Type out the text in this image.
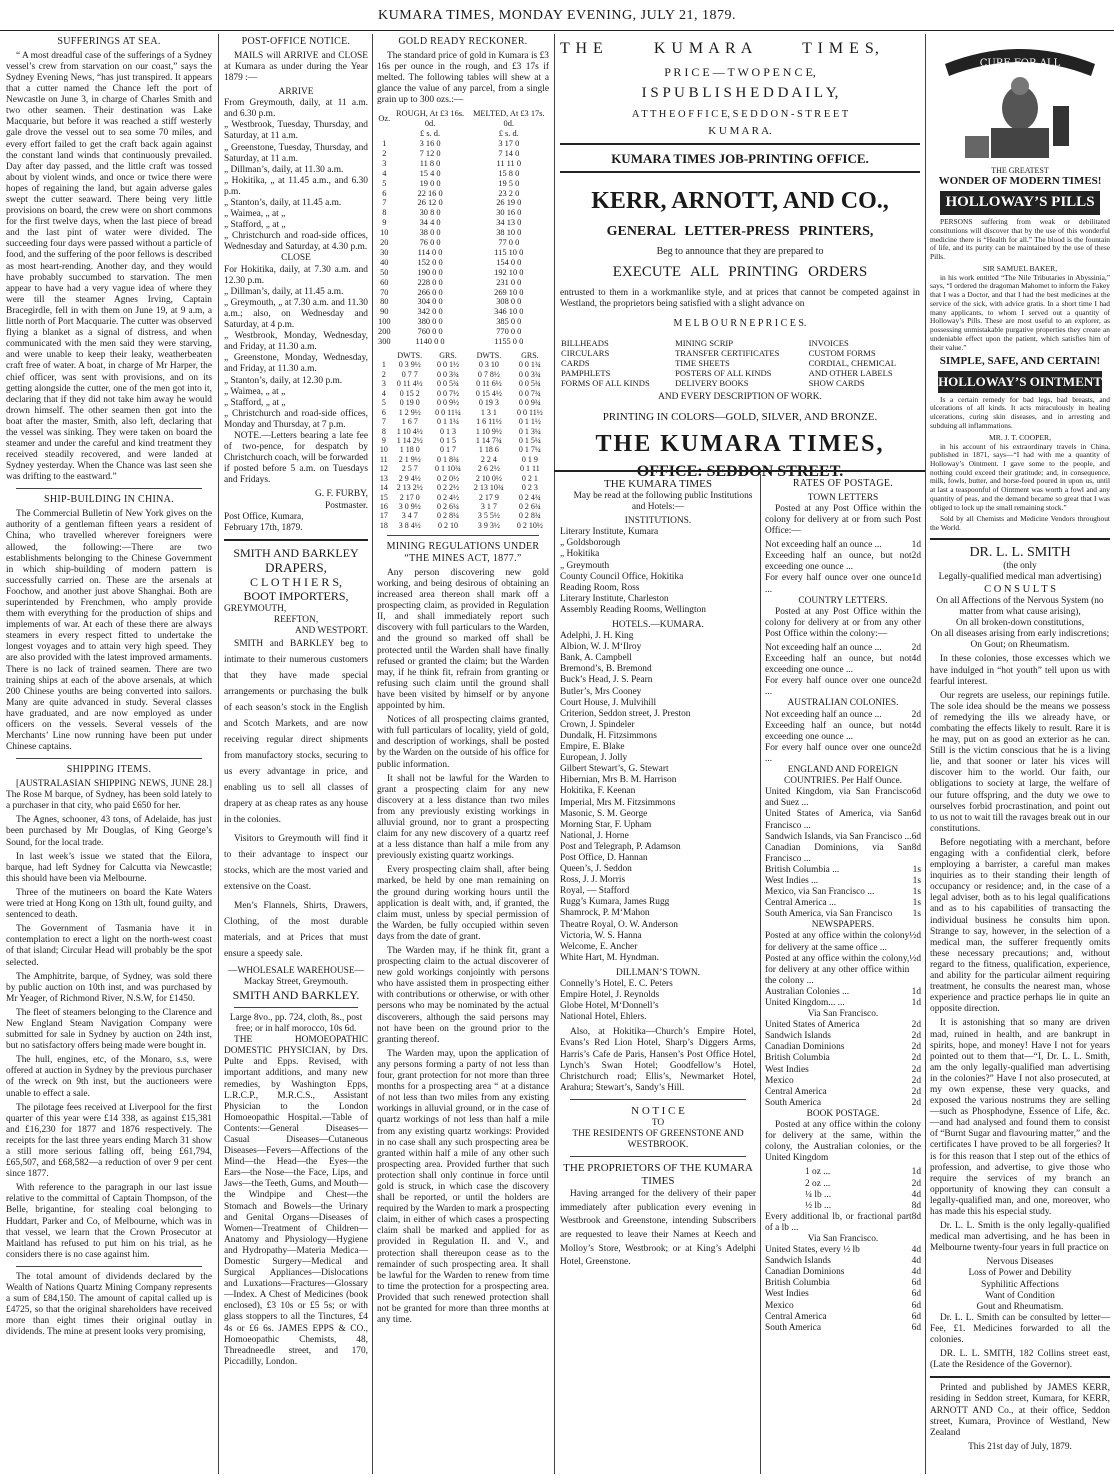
KUMARA TIMES, MONDAY EVENING, JULY 21, 1879.
SUFFERINGS AT SEA.

“ A most dreadful case of the sufferings of a Sydney vessel’s crew from starvation on our coast,” says the Sydney Evening News, “has just transpired. It appears that a cutter named the Chance left the port of Newcastle on June 3, in charge of Charles Smith and two other seamen. Their destination was Lake Macquarie, but before it was reached a stiff westerly gale drove the vessel out to sea some 70 miles, and every effort failed to get the craft back again against the constant land winds that continuously prevailed. Day after day passed, and the little craft was tossed about by violent winds, and once or twice there were hopes of regaining the land, but again adverse gales swept the cutter seaward. There being very little provisions on board, the crew were on short commons for the first twelve days, when the last piece of bread and the last pint of water were divided. The succeeding four days were passed without a particle of food, and the suffering of the poor fellows is described as most heart-rending. Another day, and they would have probably succumbed to starvation. The men appear to have had a very vague idea of where they were till the steamer Agnes Irving, Captain Bracegirdle, fell in with them on June 19, at 9 a.m, a little north of Port Macquarie. The cutter was observed flying a blanket as a signal of distress, and when communicated with the men said they were starving, and were unable to keep their leaky, weatherbeaten craft free of water. A boat, in charge of Mr Harper, the chief officer, was sent with provisions, and on its getting alongside the cutter, one of the men got into it, declaring that if they did not take him away he would drown himself. The other seamen then got into the boat after the master, Smith, also left, declaring that the vessel was sinking. They were taken on board the steamer and under the careful and kind treatment they received steadily recovered, and were landed at Sydney yesterday. When the Chance was last seen she was drifting to the eastward.”

SHIP-BUILDING IN CHINA.

The Commercial Bulletin of New York gives on the authority of a gentleman fifteen years a resident of China, who travelled wherever foreigners were allowed, the following:—There are two establishments belonging to the Chinese Government in which ship-building of modern pattern is successfully carried on. These are the arsenals at Foochow, and another just above Shanghai. Both are superintended by Frenchmen, who amply provide them with everything for the production of ships and implements of war. At each of these there are always steamers in every respect fitted to undertake the longest voyages and to attain very high speed. They are also provided with the latest improved armaments. There is no lack of trained seamen. There are two training ships at each of the above arsenals, at which 200 Chinese youths are being converted into sailors. Many are quite advanced in study. Several classes have graduated, and are now employed as under officers on the vessels. Several vessels of the Merchants’ Line now running have been put under Chinese captains.

SHIPPING ITEMS.

[AUSTRALASIAN SHIPPING NEWS, JUNE 28.] The Rose M barque, of Sydney, has been sold lately to a purchaser in that city, who paid £650 for her.

The Agnes, schooner, 43 tons, of Adelaide, has just been purchased by Mr Douglas, of King George’s Sound, for the local trade.

In last week’s issue we stated that the Eilora, barque, had left Sydney for Calcutta via Newcastle; this should have been via Melbourne.

Three of the mutineers on board the Kate Waters were tried at Hong Kong on 13th ult, found guilty, and sentenced to death.

The Government of Tasmania have it in contemplation to erect a light on the north-west coast of that island; Circular Head will probably be the spot selected.

The Amphitrite, barque, of Sydney, was sold there by public auction on 10th inst, and was purchased by Mr Yeager, of Richmond River, N.S.W, for £1450.

The fleet of steamers belonging to the Clarence and New England Steam Navigation Company were submitted for sale in Sydney by auction on 24th inst, but no satisfactory offers being made were bought in.

The hull, engines, etc, of the Monaro, s.s, were offered at auction in Sydney by the previous purchaser of the wreck on 9th inst, but the auctioneers were unable to effect a sale.

The pilotage fees received at Liverpool for the first quarter of this year were £14 338, as against £15,381 and £16,230 for 1877 and 1876 respectively. The receipts for the last three years ending March 31 show a still more serious falling off, being £61,794, £65,507, and £68,582—a reduction of over 9 per cent since 1877.

With reference to the paragraph in our last issue relative to the committal of Captain Thompson, of the Belle, brigantine, for stealing coal belonging to Huddart, Parker and Co, of Melbourne, which was in that vessel, we learn that the Crown Prosecutor at Maitland has refused to put him on his trial, as he considers there is no case against him.

The total amount of dividends declared by the Wealth of Nations Quartz Mining Company represents a sum of £84,150. The amount of capital called up is £4725, so that the original shareholders have received more than eight times their original outlay in dividends. The mine at present looks very promising,

POST-OFFICE NOTICE.

MAILS will ARRIVE and CLOSE at Kumara as under during the Year 1879 :—

ARRIVE
From Greymouth, daily, at 11 a.m. and 6.30 p.m.
„ Westbrook, Tuesday, Thursday, and Saturday, at 11 a.m.
„ Greenstone, Tuesday, Thursday, and Saturday, at 11 a.m.
„ Dillman’s, daily, at 11.30 a.m.
„ Hokitika, „ at 11.45 a.m., and 6.30 p.m.
„ Stanton’s, daily, at 11.45 a.m.
„ Waimea, „ at „
„ Stafford, „ at „
„ Christchurch and road-side offices, Wednesday and Saturday, at 4.30 p.m.
CLOSE
For Hokitika, daily, at 7.30 a.m. and 12.30 p.m.
„ Dillman’s, daily, at 11.45 a.m.
„ Greymouth, „ at 7.30 a.m. and 11.30 a.m.; also, on Wednesday and Saturday, at 4 p.m.
„ Westbrook, Monday, Wednesday, and Friday, at 11.30 a.m.
„ Greenstone, Monday, Wednesday, and Friday, at 11.30 a.m.
„ Stanton’s, daily, at 12.30 p.m.
„ Waimea, „ at „
„ Stafford, „ at „
„ Christchurch and road-side offices, Monday and Thursday, at 7 p.m.

NOTE.—Letters bearing a late fee of two-pence, for despatch by Christchurch coach, will be forwarded if posted before 5 a.m. on Tuesdays and Fridays.

G. F. FURBY,
Postmaster.
Post Office, Kumara,
February 17th, 1879.
SMITH AND BARKLEY
DRAPERS,
C L O T H I E R S,
BOOT IMPORTERS,
GREYMOUTH,
REEFTON,
AND WESTPORT.

SMITH and BARKLEY beg to intimate to their numerous customers that they have made special arrangements or purchasing the bulk of each season’s stock in the English and Scotch Markets, and are now receiving regular direct shipments from manufactory stocks, securing to us every advantage in price, and enabling us to sell all classes of drapery at as cheap rates as any house in the colonies.

Visitors to Greymouth will find it to their advantage to inspect our stocks, which are the most varied and extensive on the Coast.

Men’s Flannels, Shirts, Drawers, Clothing, of the most durable materials, and at Prices that must ensure a speedy sale.

—WHOLESALE WAREHOUSE—
Mackay Street, Greymouth.
SMITH AND BARKLEY.
Large 8vo., pp. 724, cloth, 8s., post free; or in half morocco, 10s 6d.

THE HOMOEOPATHIC DOMESTIC PHYSICIAN, by Drs. Pulte and Epps. Revised, with important additions, and many new remedies, by Washington Epps, L.R.C.P., M.R.C.S., Assistant Physician to the London Homoeopathic Hospital.—Table of Contents:—General Diseases—Casual Diseases—Cutaneous Diseases—Fevers—Affections of the Mind—the Head—the Eyes—the Ears—the Nose—the Face, Lips, and Jaws—the Teeth, Gums, and Mouth—the Windpipe and Chest—the Stomach and Bowels—the Urinary and Genital Organs—Diseases of Women—Treatment of Children—Anatomy and Physiology—Hygiene and Hydropathy—Materia Medica—Domestic Surgery—Medical and Surgical Appliances—Dislocations and Luxations—Fractures—Glossary—Index. A Chest of Medicines (book enclosed), £3 10s or £5 5s; or with glass stoppers to all the Tinctures, £4 4s or £6 6s. JAMES EPPS & CO., Homoeopathic Chemists, 48, Threadneedle street, and 170, Piccadilly, London.

GOLD READY RECKONER.

The standard price of gold in Kumara is £3 16s per ounce in the rough, and £3 17s if melted. The following tables will shew at a glance the value of any parcel, from a single grain up to 300 ozs.:—

Oz.	ROUGH, At £3 16s. 0d.	MELTED, At £3 17s. 0d.
	£ s. d.	£ s. d.
1	3 16 0	3 17 0
2	7 12 0	7 14 0
3	11 8 0	11 11 0
4	15 4 0	15 8 0
5	19 0 0	19 5 0
6	22 16 0	23 2 0
7	26 12 0	26 19 0
8	30 8 0	30 16 0
9	34 4 0	34 13 0
10	38 0 0	38 10 0
20	76 0 0	77 0 0
30	114 0 0	115 10 0
40	152 0 0	154 0 0
50	190 0 0	192 10 0
60	228 0 0	231 0 0
70	266 0 0	269 10 0
80	304 0 0	308 0 0
90	342 0 0	346 10 0
100	380 0 0	385 0 0
200	760 0 0	770 0 0
300	1140 0 0	1155 0 0
	DWTS.	GRS.	DWTS.	GRS.
1	0 3 9½	0 0 1½	0 3 10	0 0 1¾
2	0 7 7	0 0 3¾	0 7 8½	0 0 3¾
3	0 11 4½	0 0 5¾	0 11 6½	0 0 5¾
4	0 15 2	0 0 7½	0 15 4½	0 0 7¾
5	0 19 0	0 0 9½	0 19 3	0 0 9¾
6	1 2 9½	0 0 11¼	1 3 1	0 0 11½
7	1 6 7	0 1 1¼	1 6 11½	0 1 1½
8	1 10 4½	0 1 3	1 10 9½	0 1 3¼
9	1 14 2½	0 1 5	1 14 7¾	0 1 5¼
10	1 18 0	0 1 7	1 18 6	0 1 7¼
11	2 1 9½	0 1 8¾	2 2 4	0 1 9
12	2 5 7	0 1 10¾	2 6 2½	0 1 11
13	2 9 4½	0 2 0½	2 10 0½	0 2 1
14	2 13 2½	0 2 2½	2 13 10¾	0 2 3
15	2 17 0	0 2 4½	2 17 9	0 2 4¾
16	3 0 9½	0 2 6¼	3 1 7	0 2 6¾
17	3 4 7	0 2 8¼	3 5 5½	0 2 8¾
18	3 8 4½	0 2 10	3 9 3½	0 2 10½
MINING REGULATIONS UNDER “THE MINES ACT, 1877.”

Any person discovering new gold working, and being desirous of obtaining an increased area thereon shall mark off a prospecting claim, as provided in Regulation II, and shall immediately report such discovery with full particulars to the Warden, and the ground so marked off shall be protected until the Warden shall have finally refused or granted the claim; but the Warden may, if he think fit, refrain from granting or refusing such claim until the ground shall have been visited by himself or by anyone appointed by him.

Notices of all prospecting claims granted, with full particulars of locality, yield of gold, and description of workings, shall be posted by the Warden on the outside of his office for public information.

It shall not be lawful for the Warden to grant a prospecting claim for any new discovery at a less distance than two miles from any previously existing workings in alluvial ground, nor to grant a prospecting claim for any new discovery of a quartz reef at a less distance than half a mile from any previously existing quartz workings.

Every prospecting claim shall, after being marked, be held by one man remaining on the ground during working hours until the application is dealt with, and, if granted, the claim must, unless by special permission of the Warden, be fully occupied within seven days from the date of grant.

The Warden may, if he think fit, grant a prospecting claim to the actual discoverer of new gold workings conjointly with persons who have assisted them in prospecting either with contributions or otherwise, or with other persons who may be nominated by the actual discoverers, although the said persons may not have been on the ground prior to the granting thereof.

The Warden may, upon the application of any persons forming a party of not less than four, grant protection for not more than three months for a prospecting area “ at a distance of not less than two miles from any existing workings in alluvial ground, or in the case of quartz workings of not less than half a mile from any existing quartz workings: Provided in no case shall any such prospecting area be granted within half a mile of any other such prospecting area. Provided further that such protection shall only continue in force until gold is struck, in which case the discovery shall be reported, or until the holders are required by the Warden to mark a prospecting claim, in either of which cases a prospecting claim shall be marked and applied for as provided in Regulation II. and V., and protection shall thereupon cease as to the remainder of such prospecting area. It shall be lawful for the Warden to renew from time to time the protection for a prospecting area. Provided that such renewed protection shall not be granted for more than three months at any time.

T H E          K U M A R A          T I M E S,
P R I C E — T W O P E N C E,
I S P U B L I S H E D D A I L Y,
A T T H E O F F I C E, S E D D O N - S T R E E T
K U M A R A.
KUMARA TIMES JOB-PRINTING OFFICE.
KERR, ARNOTT, AND CO.,
GENERAL LETTER-PRESS PRINTERS,
Beg to announce that they are prepared to
EXECUTE ALL PRINTING ORDERS

entrusted to them in a workmanlike style, and at prices that cannot be competed against in Westland, the proprietors being satisfied with a slight advance on

M E L B O U R N E P R I C E S.
BILLHEADS	MINING SCRIP	INVOICES
CIRCULARS	TRANSFER CERTIFICATES	CUSTOM FORMS
CARDS	TIME SHEETS	CORDIAL, CHEMICAL
PAMPHLETS	POSTERS OF ALL KINDS	AND OTHER LABELS
FORMS OF ALL KINDS	DELIVERY BOOKS	SHOW CARDS
AND EVERY DESCRIPTION OF WORK.
PRINTING IN COLORS—GOLD, SILVER, AND BRONZE.
THE KUMARA TIMES,
OFFICE: SEDDON STREET.
THE KUMARA TIMES

May be read at the following public Institutions and Hotels:—

INSTITUTIONS.
Literary Institute, Kumara
„ Goldsborough
„ Hokitika
„ Greymouth
County Council Office, Hokitika
Reading Room, Ross
Literary Institute, Charleston
Assembly Reading Rooms, Wellington
HOTELS.—KUMARA.
Adelphi, J. H. King
Albion, W. J. M‘Ilroy
Bank, A. Campbell
Bremond’s, B. Bremond
Buck’s Head, J. S. Pearn
Butler’s, Mrs Cooney
Court House, J. Mulvihill
Criterion, Seddon street, J. Preston
Crown, J. Spindeler
Dundalk, H. Fitzsimmons
Empire, E. Blake
European, J. Jolly
Gilbert Stewart’s, G. Stewart
Hibernian, Mrs B. M. Harrison
Hokitika, F. Keenan
Imperial, Mrs M. Fitzsimmons
Masonic, S. M. George
Morning Star, F. Upham
National, J. Horne
Post and Telegraph, P. Adamson
Post Office, D. Hannan
Queen’s, J. Seddon
Ross, J. J. Morris
Royal, — Stafford
Rugg’s Kumara, James Rugg
Shamrock, P. M‘Mahon
Theatre Royal, O. W. Anderson
Victoria, W. S. Hanna
Welcome, E. Ancher
White Hart, M. Hyndman.
DILLMAN’S TOWN.
Connelly’s Hotel, E. C. Peters
Empire Hotel, J. Reynolds
Globe Hotel, M‘Donnell’s
National Hotel, Ehlers.

Also, at Hokitika—Church’s Empire Hotel, Evans’s Red Lion Hotel, Sharp’s Diggers Arms, Harris’s Cafe de Paris, Hansen’s Post Office Hotel, Lynch’s Swan Hotel; Goodfellow’s Hotel, Christchurch road; Ellis’s, Newmarket Hotel, Arahura; Stewart’s, Sandy’s Hill.

N O T I C E
TO
THE RESIDENTS OF GREENSTONE AND WESTBROOK.
THE PROPRIETORS OF THE KUMARA TIMES

Having arranged for the delivery of their paper immediately after publication every evening in Westbrook and Greenstone, intending Subscribers are requested to leave their Names at Keech and Molloy’s Store, Westbrook; or at King’s Adelphi Hotel, Greenstone.

RATES OF POSTAGE.
TOWN LETTERS

Posted at any Post Office within the colony for delivery at or from such Post Office:—

Not exceeding half an ounce ...	1d
Exceeding half an ounce, but not exceeding one ounce ...
2d
For every half ounce over one ounce ...
1d
COUNTRY LETTERS.

Posted at any Post Office within the colony for delivery at or from any other Post Office within the colony:—

Not exceeding half an ounce ...	2d
Exceeding half an ounce, but not exceeding one ounce ...
4d
For every half ounce over one ounce ...
2d
AUSTRALIAN COLONIES.
Not exceeding half an ounce ...	2d
Exceeding half an ounce, but not exceeding one ounce ...
4d
For every half ounce over one ounce ...
2d
ENGLAND AND FOREIGN COUNTRIES. Per Half Ounce.
United Kingdom, via San Francisco and Suez ...
6d
United States of America, via San Francisco ...
6d
Sandwich Islands, via San Francisco ... 6d
Canadian Dominions, via San Francisco ...
8d
British Columbia ...	1s
West Indies ...	1s
Mexico, via San Francisco ...	1s
Central America ...	1s
South America, via San Francisco 1s
NEWSPAPERS.
Posted at any office within the colony for delivery at the same office ...
½d
Posted at any office within the colony, for delivery at any other office within the colony ...
½d
Australian Colonies ...	1d
United Kingdom... ...	1d
Via San Francisco.
United States of America	2d
Sandwich Islands	2d
Canadian Dominions	2d
British Columbia	2d
West Indies	2d
Mexico	2d
Central America	2d
South America	2d
BOOK POSTAGE.

Posted at any office within the colony for delivery at the same, within the colony, the Australian colonies, or the United Kingdom

1 oz ...	1d
2 oz ...	2d
¼ lb ...	4d
½ lb ...	8d
Every additional lb, or fractional part of a lb ...
8d
Via San Francisco.
United States, every ½ lb	4d
Sandwich Islands	4d
Canadian Dominions	4d
British Columbia	6d
West Indies	6d
Mexico	6d
Central America	6d
South America	6d
CURE FOR ALL
THE GREATEST
WONDER OF MODERN TIMES!
HOLLOWAY’S PILLS

PERSONS suffering from weak or debilitated constitutions will discover that by the use of this wonderful medicine there is “Health for all.” The blood is the fountain of life, and its purity can be maintained by the use of these Pills.

SIR SAMUEL BAKER,

in his work entitled “The Nile Tributaries in Abyssinia,” says, “I ordered the dragoman Mahomet to inform the Fakey that I was a Doctor, and that I had the best medicines at the service of the sick, with advice gratis. In a short time I had many applicants, to whom I served out a quantity of Holloway’s Pills. These are most useful to an explorer, as possessing unmistakable purgative properties they create an undeniable effect upon the patient, which satisfies him of their value.”

SIMPLE, SAFE, AND CERTAIN!
HOLLOWAY’S OINTMENT

Is a certain remedy for bad legs, bad breasts, and ulcerations of all kinds. It acts miraculously in healing ulcerations, curing skin diseases, and in arresting and subduing all inflammations.

MR. J. T. COOPER,

in his account of his extraordinary travels in China, published in 1871, says—“I had with me a quantity of Holloway’s Ointment. I gave some to the people, and nothing could exceed their gratitude; and, in consequence, milk, fowls, butter, and horse-feed poured in upon us, until at last a teaspoonful of Ointment was worth a fowl and any quantity of peas, and the demand became so great that I was obliged to lock up the small remaining stock.”

Sold by all Chemists and Medicine Vendors throughout the World.

DR. L. L. SMITH
(the only
Legally-qualified medical man advertising)
C O N S U L T S
On all Affections of the Nervous System (no matter from what cause arising),
On all broken-down constitutions,
On all diseases arising from early indiscretions;
On Gout; on Rheumatism.

In these colonies, those excesses which we have indulged in “hot youth” tell upon us with fearful interest.

Our regrets are useless, our repinings futile. The sole idea should be the means we possess of remedying the ills we already have, or combating the effects likely to result. Rare it is he may, put on as good an exterior as he can. Still is the victim conscious that he is a living lie, and that sooner or later his vices will discover him to the world. Our faith, our obligations to society at large, the welfare of our future offspring, and the duty we owe to ourselves forbid procrastination, and point out to us not to wait till the ravages break out in our constitutions.

Before negotiating with a merchant, before engaging with a confidential clerk, before employing a barrister, a careful man makes inquiries as to their standing their length of occupancy or residence; and, in the case of a legal adviser, both as to his legal qualifications and as to his capabilities of transacting the individual business he consults him upon. Strange to say, however, in the selection of a medical man, the sufferer frequently omits these necessary precautions; and, without regard to the fitness, qualification, experience, and ability for the particular ailment requiring treatment, he consults the nearest man, whose experience and practice perhaps lie in quite an opposite direction.

It is astonishing that so many are driven mad, ruined in health, and are bankrupt in spirits, hope, and money! Have I not for years pointed out to them that—“I, Dr. L. L. Smith, am the only legally-qualified man advertising in the colonies?” Have I not also prosecuted, at my own expense, these very quacks, and exposed the various nostrums they are selling—such as Phosphodyne, Essence of Life, &c.—and had analysed and found them to consist of “Burnt Sugar and flavouring matter,” and the certificates I have proved to be all forgeries? It is for this reason that I step out of the ethics of profession, and advertise, to give those who require the services of my branch an opportunity of knowing they can consult a legally-qualified man, and one, moreover, who has made this his especial study.

Dr. L. L. Smith is the only legally-qualified medical man advertising, and he has been in Melbourne twenty-four years in full practice on

Nervous Diseases
Loss of Power and Debility
Syphilitic Affections
Want of Condition
Gout and Rheumatism.

Dr. L. L. Smith can be consulted by letter—Fee, £1. Medicines forwarded to all the colonies.

DR. L. L. SMITH, 182 Collins street east, (Late the Residence of the Governor).

Printed and published by JAMES KERR, residing in Seddon street, Kumara, for KERR, ARNOTT AND Co., at their office, Seddon street, Kumara, Province of Westland, New Zealand

This 21st day of July, 1879.
